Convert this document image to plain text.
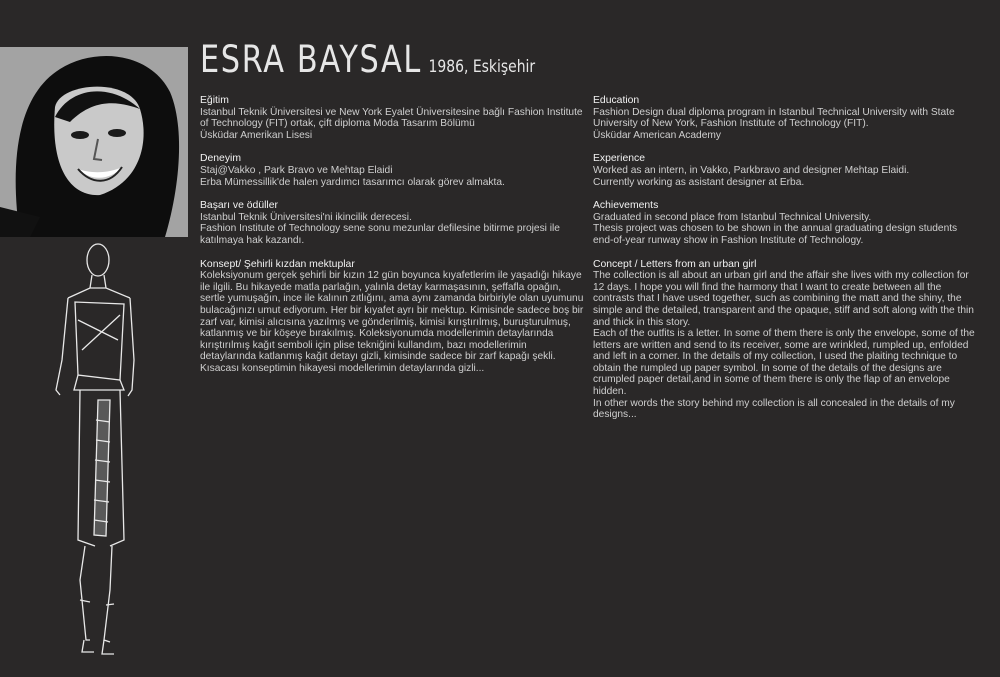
ESRA BAYSAL 1986, Eskişehir
Eğitim

Istanbul Teknik Üniversitesi ve New York Eyalet Üniversitesine bağlı Fashion Institute of Technology (FIT) ortak, çift diploma Moda Tasarım Bölümü

Üsküdar Amerikan Lisesi

Deneyim

Staj@Vakko , Park Bravo ve Mehtap Elaidi

Erba Mümessillik'de halen yardımcı tasarımcı olarak görev almakta.

Başarı ve ödüller

Istanbul Teknik Üniversitesi'ni ikincilik derecesi.

Fashion Institute of Technology sene sonu mezunlar defilesine bitirme projesi ile katılmaya hak kazandı.

Konsept/ Şehirli kızdan mektuplar

Koleksiyonum gerçek şehirli bir kızın 12 gün boyunca kıyafetlerim ile yaşadığı hikaye ile ilgili. Bu hikayede matla parlağın, yalınla detay karmaşasının, şeffafla opağın, sertle yumuşağın, ince ile kalının zıtlığını, ama aynı zamanda birbiriyle olan uyumunu bulacağınızı umut ediyorum. Her bir kıyafet ayrı bir mektup. Kimisinde sadece boş bir zarf var, kimisi alıcısına yazılmış ve gönderilmiş, kimisi kırıştırılmış, buruşturulmuş, katlanmış ve bir köşeye bırakılmış. Koleksiyonumda modellerimin detaylarında kırıştırılmış kağıt semboli için plise tekniğini kullandım, bazı modellerimin detaylarında katlanmış kağıt detayı gizli, kimisinde sadece bir zarf kapağı şekli. Kısacası konseptimin hikayesi modellerimin detaylarında gizli...

Education

Fashion Design dual diploma program in Istanbul Technical University with State University of New York, Fashion Institute of Technology (FIT).

Üsküdar American Academy

Experience

Worked as an intern, in Vakko, Parkbravo and designer Mehtap Elaidi.

Currently working as asistant designer at Erba.

Achievements

Graduated in second place from Istanbul Technical University.

Thesis project was chosen to be shown in the annual graduating design students end-of-year runway show in Fashion Institute of Technology.

Concept / Letters from an urban girl

The collection is all about an urban girl and the affair she lives with my collection for 12 days. I hope you will find the harmony that I want to create between all the contrasts that I have used together, such as combining the matt and the shiny, the simple and the detailed, transparent and the opaque, stiff and soft along with the thin and thick in this story.

Each of the outfits is a letter. In some of them there is only the envelope, some of the letters are written and send to its receiver, some are wrinkled, rumpled up, enfolded and left in a corner. In the details of my collection, I used the plaiting technique to obtain the rumpled up paper symbol. In some of the details of the designs are crumpled paper detail,and in some of them there is only the flap of an envelope hidden.

In other words the story behind my collection is all concealed in the details of my designs...
